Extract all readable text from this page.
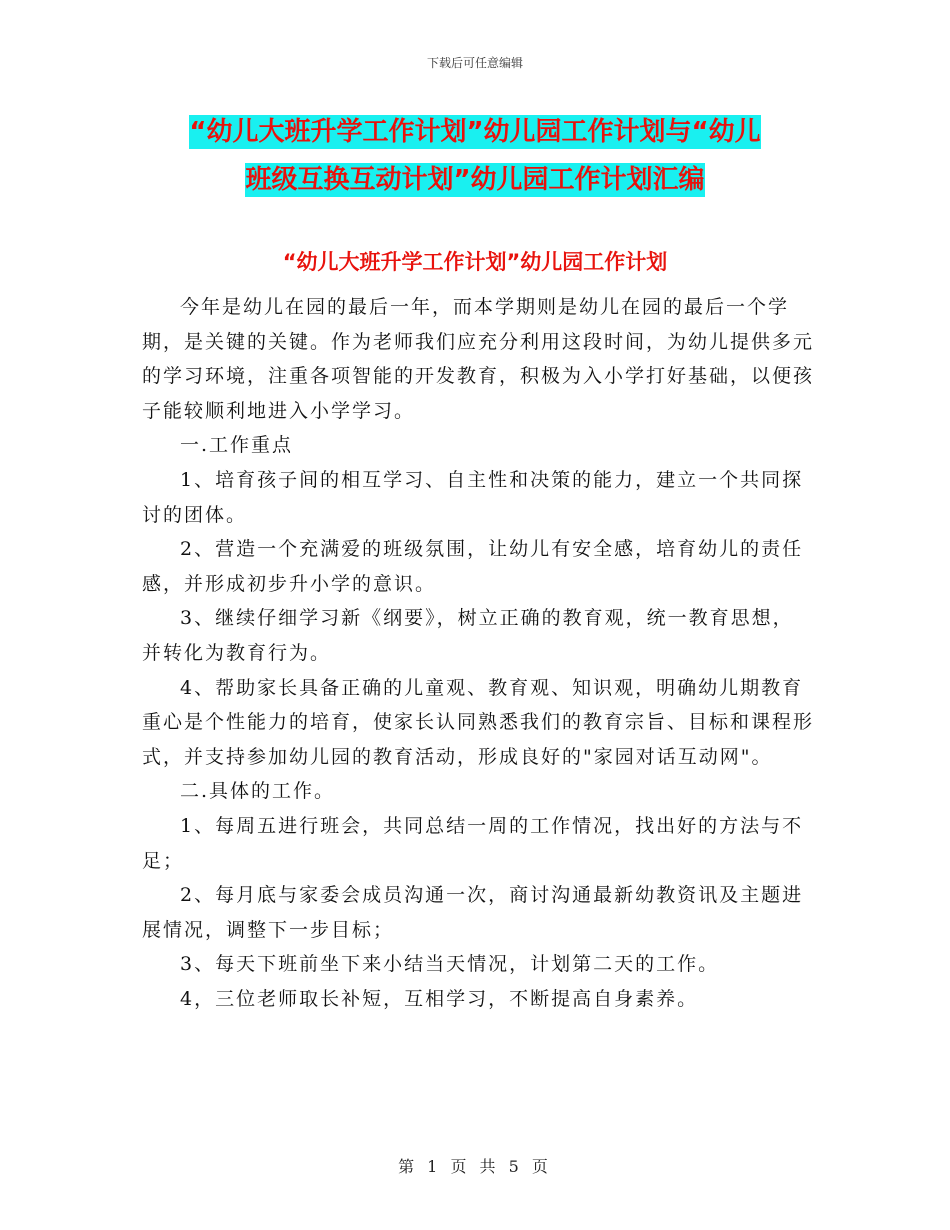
下载后可任意编辑
“幼儿大班升学工作计划”幼儿园工作计划与“幼儿
班级互换互动计划”幼儿园工作计划汇编
“幼儿大班升学工作计划”幼儿园工作计划

今年是幼儿在园的最后一年，而本学期则是幼儿在园的最后一个学期，是关键的关键。作为老师我们应充分利用这段时间，为幼儿提供多元的学习环境，注重各项智能的开发教育，积极为入小学打好基础，以便孩子能较顺利地进入小学学习。

一.工作重点

1、培育孩子间的相互学习、自主性和决策的能力，建立一个共同探讨的团体。

2、营造一个充满爱的班级氛围，让幼儿有安全感，培育幼儿的责任感，并形成初步升小学的意识。

3、继续仔细学习新《纲要》，树立正确的教育观，统一教育思想，并转化为教育行为。

4、帮助家长具备正确的儿童观、教育观、知识观，明确幼儿期教育重心是个性能力的培育，使家长认同熟悉我们的教育宗旨、目标和课程形式，并支持参加幼儿园的教育活动，形成良好的"家园对话互动网"。

二.具体的工作。

1、每周五进行班会，共同总结一周的工作情况，找出好的方法与不足；

2、每月底与家委会成员沟通一次，商讨沟通最新幼教资讯及主题进展情况，调整下一步目标；

3、每天下班前坐下来小结当天情况，计划第二天的工作。

4，三位老师取长补短，互相学习，不断提高自身素养。

第 1 页 共 5 页
